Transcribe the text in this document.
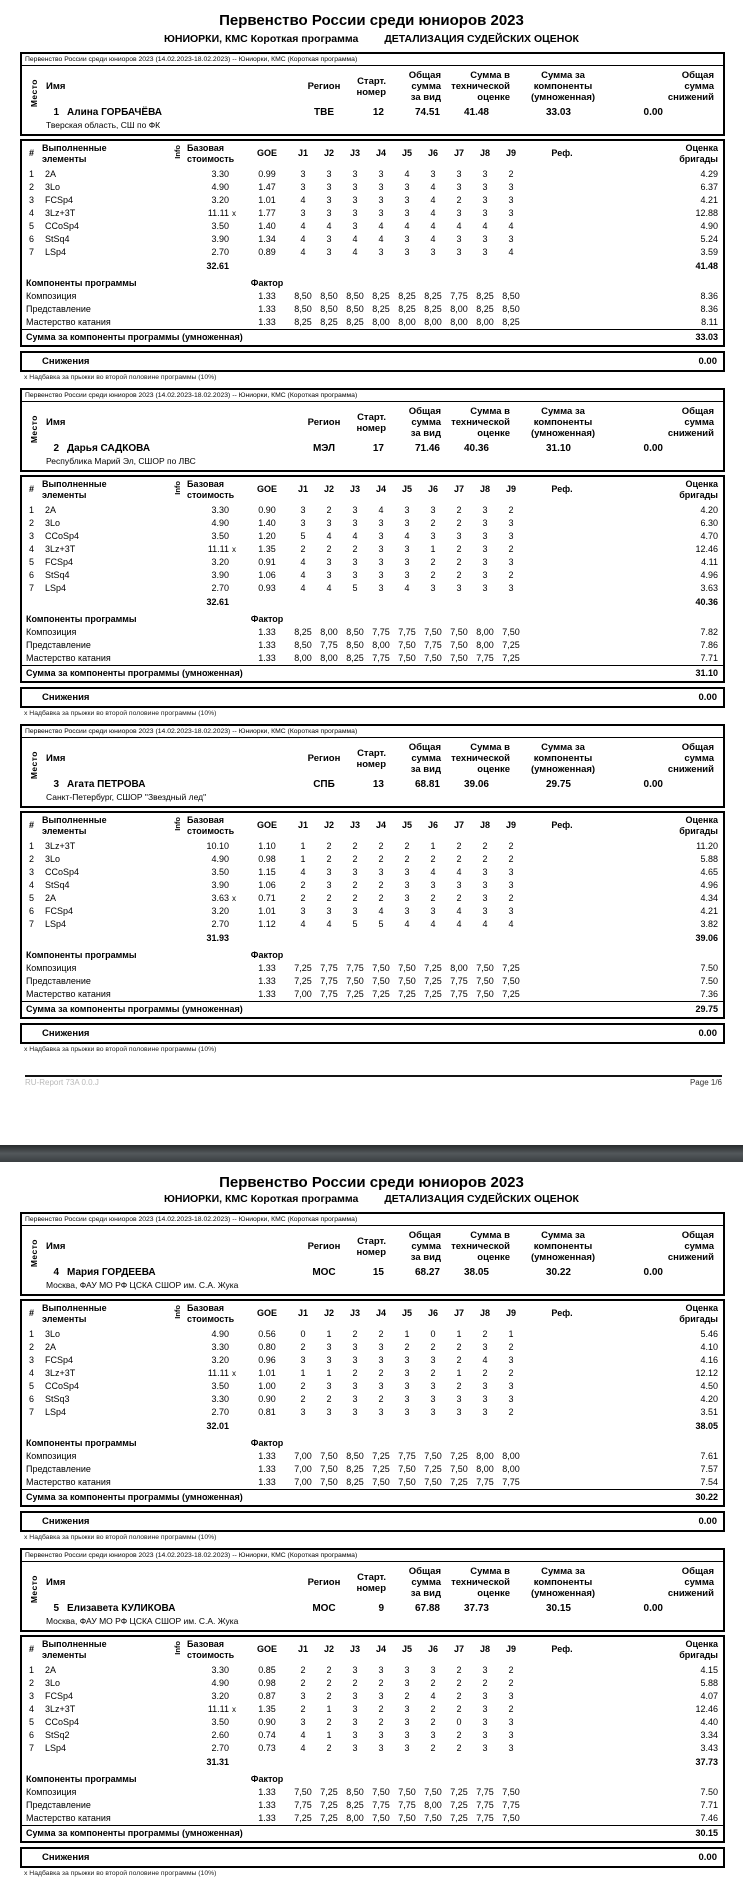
Первенство России среди юниоров 2023
ЮНИОРКИ, КМС Короткая программа ДЕТАЛИЗАЦИЯ СУДЕЙСКИХ ОЦЕНОК
Первенство России среди юниоров 2023 (14.02.2023-18.02.2023) -- Юниорки, КМС (Короткая программа)
Место Имя	Регион	Старт.
номер
Общая
сумма
за вид
Сумма в
технической
оценке
Сумма за
компоненты
(умноженная)
Общая
сумма
снижений
1 Алина ГОРБАЧЁВА	ТВЕ	12	74.51	41.48	33.03	0.00
Тверская область, СШ по ФК
#	Выполненные
элементы	Info	Базовая
стоимость		GOE	J1	J2	J3	J4	J5	J6	J7	J8	J9	Реф.	Оценка
бригады
1	2A		3.30		0.99	3	3	3	3	4	3	3	3	2		4.29
2	3Lo		4.90		1.47	3	3	3	3	3	4	3	3	3		6.37
3	FCSp4		3.20		1.01	4	3	3	3	3	4	2	3	3		4.21
4	3Lz+3T		11.11	x	1.77	3	3	3	3	3	4	3	3	3		12.88
5	CCoSp4		3.50		1.40	4	4	3	4	4	4	4	4	4		4.90
6	StSq4		3.90		1.34	4	3	4	4	3	4	3	3	3		5.24
7	LSp4		2.70		0.89	4	3	4	3	3	3	3	3	4		3.59
			32.61													41.48
Компоненты программы					Фактор											
Композиция					1.33	8,50	8,50	8,50	8,25	8,25	8,25	7,75	8,25	8,50		8.36
Представление					1.33	8,50	8,50	8,50	8,25	8,25	8,25	8,00	8,25	8,50		8.36
Мастерство катания					1.33	8,25	8,25	8,25	8,00	8,00	8,00	8,00	8,00	8,25		8.11
Сумма за компоненты программы (умноженная)																33.03
Снижения	0.00
x Надбавка за прыжки во второй половине программы (10%)
Первенство России среди юниоров 2023 (14.02.2023-18.02.2023) -- Юниорки, КМС (Короткая программа)
Место Имя	Регион	Старт.
номер
Общая
сумма
за вид
Сумма в
технической
оценке
Сумма за
компоненты
(умноженная)
Общая
сумма
снижений
2 Дарья САДКОВА	МЭЛ	17	71.46	40.36	31.10	0.00
Республика Марий Эл, СШОР по ЛВС
#	Выполненные
элементы	Info	Базовая
стоимость		GOE	J1	J2	J3	J4	J5	J6	J7	J8	J9	Реф.	Оценка
бригады
1	2A		3.30		0.90	3	2	3	4	3	3	2	3	2		4.20
2	3Lo		4.90		1.40	3	3	3	3	3	2	2	3	3		6.30
3	CCoSp4		3.50		1.20	5	4	4	3	4	3	3	3	3		4.70
4	3Lz+3T		11.11	x	1.35	2	2	2	3	3	1	2	3	2		12.46
5	FCSp4		3.20		0.91	4	3	3	3	3	2	2	3	3		4.11
6	StSq4		3.90		1.06	4	3	3	3	3	2	2	3	2		4.96
7	LSp4		2.70		0.93	4	4	5	3	4	3	3	3	3		3.63
			32.61													40.36
Компоненты программы					Фактор											
Композиция					1.33	8,25	8,00	8,50	7,75	7,75	7,50	7,50	8,00	7,50		7.82
Представление					1.33	8,50	7,75	8,50	8,00	7,50	7,75	7,50	8,00	7,25		7.86
Мастерство катания					1.33	8,00	8,00	8,25	7,75	7,50	7,50	7,50	7,75	7,25		7.71
Сумма за компоненты программы (умноженная)																31.10
Снижения	0.00
x Надбавка за прыжки во второй половине программы (10%)
Первенство России среди юниоров 2023 (14.02.2023-18.02.2023) -- Юниорки, КМС (Короткая программа)
Место Имя	Регион	Старт.
номер
Общая
сумма
за вид
Сумма в
технической
оценке
Сумма за
компоненты
(умноженная)
Общая
сумма
снижений
3 Агата ПЕТРОВА	СПБ	13	68.81	39.06	29.75	0.00
Санкт-Петербург, СШОР "Звездный лед"
#	Выполненные
элементы	Info	Базовая
стоимость		GOE	J1	J2	J3	J4	J5	J6	J7	J8	J9	Реф.	Оценка
бригады
1	3Lz+3T		10.10		1.10	1	2	2	2	2	1	2	2	2		11.20
2	3Lo		4.90		0.98	1	2	2	2	2	2	2	2	2		5.88
3	CCoSp4		3.50		1.15	4	3	3	3	3	4	4	3	3		4.65
4	StSq4		3.90		1.06	2	3	2	2	3	3	3	3	3		4.96
5	2A		3.63	x	0.71	2	2	2	2	3	2	2	3	2		4.34
6	FCSp4		3.20		1.01	3	3	3	4	3	3	4	3	3		4.21
7	LSp4		2.70		1.12	4	4	5	5	4	4	4	4	4		3.82
			31.93													39.06
Компоненты программы					Фактор											
Композиция					1.33	7,25	7,75	7,75	7,50	7,50	7,25	8,00	7,50	7,25		7.50
Представление					1.33	7,25	7,75	7,50	7,50	7,50	7,25	7,75	7,50	7,50		7.50
Мастерство катания					1.33	7,00	7,75	7,25	7,25	7,25	7,25	7,75	7,50	7,25		7.36
Сумма за компоненты программы (умноженная)																29.75
Снижения	0.00
x Надбавка за прыжки во второй половине программы (10%)
RU-Report 73A 0.0.J	Page 1/6
Первенство России среди юниоров 2023
ЮНИОРКИ, КМС Короткая программа ДЕТАЛИЗАЦИЯ СУДЕЙСКИХ ОЦЕНОК
Первенство России среди юниоров 2023 (14.02.2023-18.02.2023) -- Юниорки, КМС (Короткая программа)
Место Имя	Регион	Старт.
номер
Общая
сумма
за вид
Сумма в
технической
оценке
Сумма за
компоненты
(умноженная)
Общая
сумма
снижений
4 Мария ГОРДЕЕВА	МОС	15	68.27	38.05	30.22	0.00
Москва, ФАУ МО РФ ЦСКА СШОР им. С.А. Жука
#	Выполненные
элементы	Info	Базовая
стоимость		GOE	J1	J2	J3	J4	J5	J6	J7	J8	J9	Реф.	Оценка
бригады
1	3Lo		4.90		0.56	0	1	2	2	1	0	1	2	1		5.46
2	2A		3.30		0.80	2	3	3	3	2	2	2	3	2		4.10
3	FCSp4		3.20		0.96	3	3	3	3	3	3	2	4	3		4.16
4	3Lz+3T		11.11	x	1.01	1	1	2	2	3	2	1	2	2		12.12
5	CCoSp4		3.50		1.00	2	3	3	3	3	3	2	3	3		4.50
6	StSq3		3.30		0.90	2	2	3	2	3	3	3	3	3		4.20
7	LSp4		2.70		0.81	3	3	3	3	3	3	3	3	2		3.51
			32.01													38.05
Компоненты программы					Фактор											
Композиция					1.33	7,00	7,50	8,50	7,25	7,75	7,50	7,25	8,00	8,00		7.61
Представление					1.33	7,00	7,50	8,25	7,25	7,50	7,25	7,50	8,00	8,00		7.57
Мастерство катания					1.33	7,00	7,50	8,25	7,50	7,50	7,50	7,25	7,75	7,75		7.54
Сумма за компоненты программы (умноженная)																30.22
Снижения	0.00
x Надбавка за прыжки во второй половине программы (10%)
Первенство России среди юниоров 2023 (14.02.2023-18.02.2023) -- Юниорки, КМС (Короткая программа)
Место Имя	Регион	Старт.
номер
Общая
сумма
за вид
Сумма в
технической
оценке
Сумма за
компоненты
(умноженная)
Общая
сумма
снижений
5 Елизавета КУЛИКОВА	МОС	9	67.88	37.73	30.15	0.00
Москва, ФАУ МО РФ ЦСКА СШОР им. С.А. Жука
#	Выполненные
элементы	Info	Базовая
стоимость		GOE	J1	J2	J3	J4	J5	J6	J7	J8	J9	Реф.	Оценка
бригады
1	2A		3.30		0.85	2	2	3	3	3	3	2	3	2		4.15
2	3Lo		4.90		0.98	2	2	2	2	3	2	2	2	2		5.88
3	FCSp4		3.20		0.87	3	2	3	3	2	4	2	3	3		4.07
4	3Lz+3T		11.11	x	1.35	2	1	3	2	3	2	2	3	2		12.46
5	CCoSp4		3.50		0.90	3	2	3	2	3	2	0	3	3		4.40
6	StSq2		2.60		0.74	4	1	3	3	3	3	2	3	3		3.34
7	LSp4		2.70		0.73	4	2	3	3	3	2	2	3	3		3.43
			31.31													37.73
Компоненты программы					Фактор											
Композиция					1.33	7,50	7,25	8,50	7,50	7,50	7,50	7,25	7,75	7,50		7.50
Представление					1.33	7,75	7,25	8,25	7,75	7,75	8,00	7,25	7,75	7,75		7.71
Мастерство катания					1.33	7,25	7,25	8,00	7,50	7,50	7,50	7,25	7,75	7,50		7.46
Сумма за компоненты программы (умноженная)																30.15
Снижения	0.00
x Надбавка за прыжки во второй половине программы (10%)
